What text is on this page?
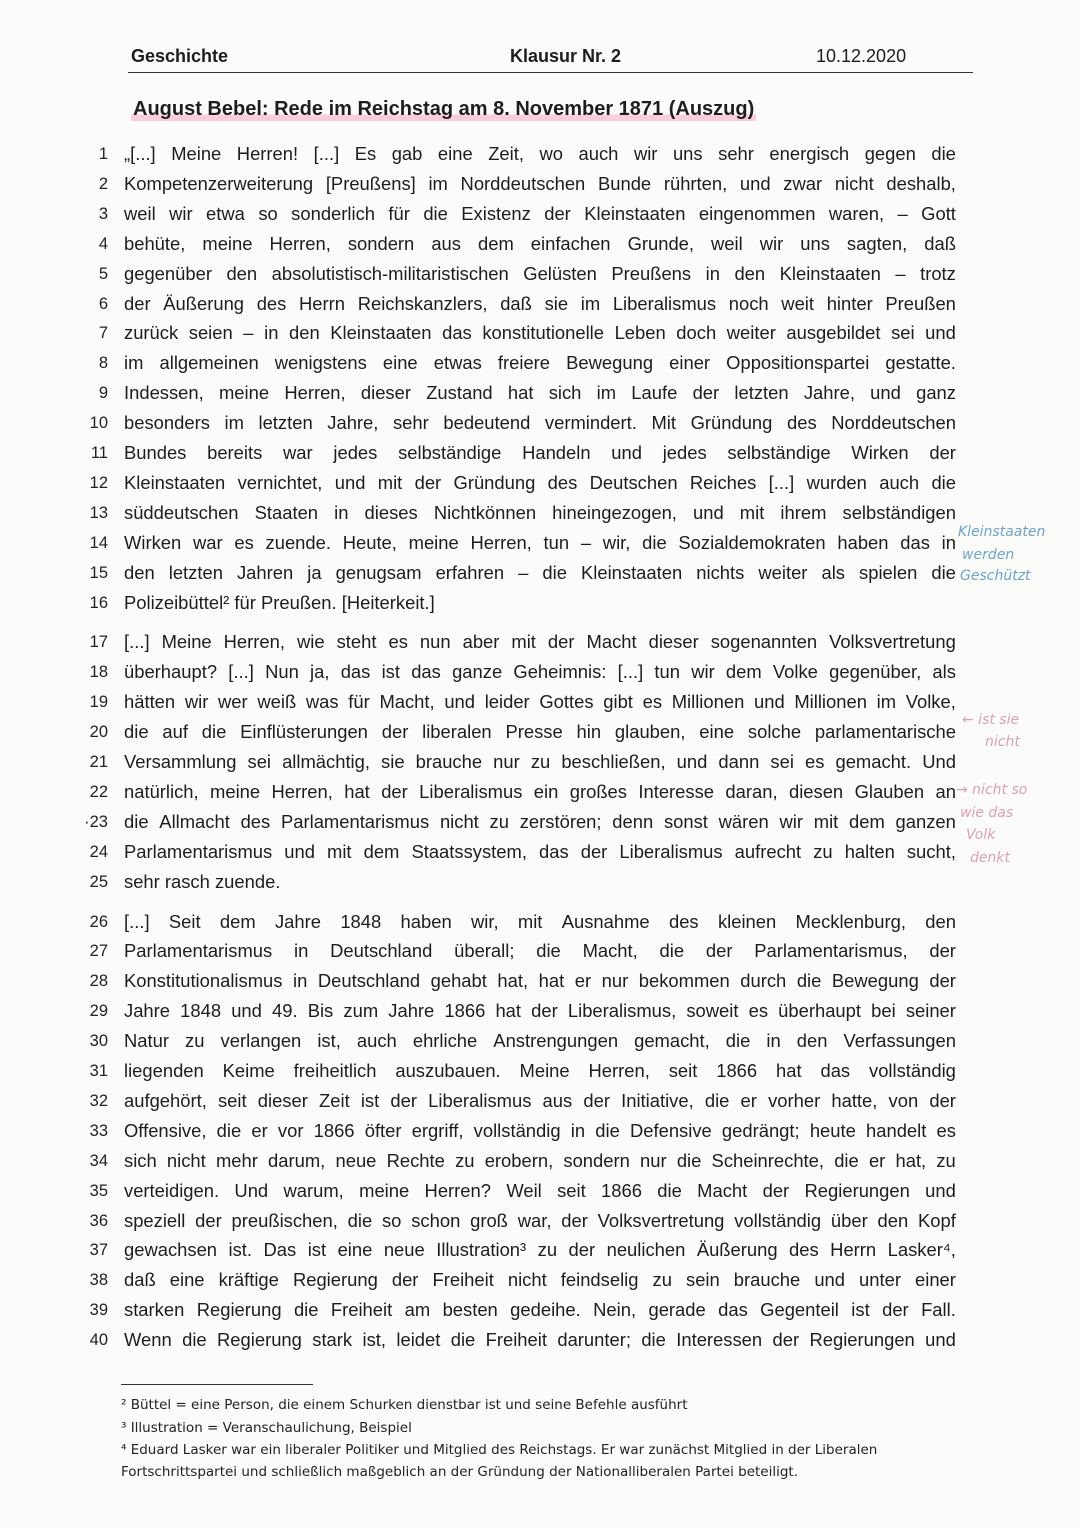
Geschichte	Klausur Nr. 2	10.12.2020
August Bebel: Rede im Reichstag am 8. November 1871 (Auszug)
1 „[...] Meine Herren! [...] Es gab eine Zeit, wo auch wir uns sehr energisch gegen die
2 Kompetenzerweiterung [Preußens] im Norddeutschen Bunde rührten, und zwar nicht deshalb,
3 weil wir etwa so sonderlich für die Existenz der Kleinstaaten eingenommen waren, – Gott
4 behüte, meine Herren, sondern aus dem einfachen Grunde, weil wir uns sagten, daß
5 gegenüber den absolutistisch-militaristischen Gelüsten Preußens in den Kleinstaaten – trotz
6 der Äußerung des Herrn Reichskanzlers, daß sie im Liberalismus noch weit hinter Preußen
7 zurück seien – in den Kleinstaaten das konstitutionelle Leben doch weiter ausgebildet sei und
8 im allgemeinen wenigstens eine etwas freiere Bewegung einer Oppositionspartei gestatte.
9 Indessen, meine Herren, dieser Zustand hat sich im Laufe der letzten Jahre, und ganz
10 besonders im letzten Jahre, sehr bedeutend vermindert. Mit Gründung des Norddeutschen
11 Bundes bereits war jedes selbständige Handeln und jedes selbständige Wirken der
12 Kleinstaaten vernichtet, und mit der Gründung des Deutschen Reiches [...] wurden auch die
13 süddeutschen Staaten in dieses Nichtkönnen hineingezogen, und mit ihrem selbständigen
14 Wirken war es zuende. Heute, meine Herren, tun – wir, die Sozialdemokraten haben das in
15 den letzten Jahren ja genugsam erfahren – die Kleinstaaten nichts weiter als spielen die
16 Polizeibüttel² für Preußen. [Heiterkeit.]
17 [...] Meine Herren, wie steht es nun aber mit der Macht dieser sogenannten Volksvertretung
18 überhaupt? [...] Nun ja, das ist das ganze Geheimnis: [...] tun wir dem Volke gegenüber, als
19 hätten wir wer weiß was für Macht, und leider Gottes gibt es Millionen und Millionen im Volke,
20 die auf die Einflüsterungen der liberalen Presse hin glauben, eine solche parlamentarische
21 Versammlung sei allmächtig, sie brauche nur zu beschließen, und dann sei es gemacht. Und
22 natürlich, meine Herren, hat der Liberalismus ein großes Interesse daran, diesen Glauben an
·23 die Allmacht des Parlamentarismus nicht zu zerstören; denn sonst wären wir mit dem ganzen
24 Parlamentarismus und mit dem Staatssystem, das der Liberalismus aufrecht zu halten sucht,
25 sehr rasch zuende.
26 [...] Seit dem Jahre 1848 haben wir, mit Ausnahme des kleinen Mecklenburg, den
27 Parlamentarismus in Deutschland überall; die Macht, die der Parlamentarismus, der
28 Konstitutionalismus in Deutschland gehabt hat, hat er nur bekommen durch die Bewegung der
29 Jahre 1848 und 49. Bis zum Jahre 1866 hat der Liberalismus, soweit es überhaupt bei seiner
30 Natur zu verlangen ist, auch ehrliche Anstrengungen gemacht, die in den Verfassungen
31 liegenden Keime freiheitlich auszubauen. Meine Herren, seit 1866 hat das vollständig
32 aufgehört, seit dieser Zeit ist der Liberalismus aus der Initiative, die er vorher hatte, von der
33 Offensive, die er vor 1866 öfter ergriff, vollständig in die Defensive gedrängt; heute handelt es
34 sich nicht mehr darum, neue Rechte zu erobern, sondern nur die Scheinrechte, die er hat, zu
35 verteidigen. Und warum, meine Herren? Weil seit 1866 die Macht der Regierungen und
36 speziell der preußischen, die so schon groß war, der Volksvertretung vollständig über den Kopf
37 gewachsen ist. Das ist eine neue Illustration³ zu der neulichen Äußerung des Herrn Lasker⁴,
38 daß eine kräftige Regierung der Freiheit nicht feindselig zu sein brauche und unter einer
39 starken Regierung die Freiheit am besten gedeihe. Nein, gerade das Gegenteil ist der Fall.
40 Wenn die Regierung stark ist, leidet die Freiheit darunter; die Interessen der Regierungen und
Kleinstaaten
werden
Geschützt
← ist sie
nicht
→ nicht so
wie das
Volk
denkt
² Büttel = eine Person, die einem Schurken dienstbar ist und seine Befehle ausführt
³ Illustration = Veranschaulichung, Beispiel
⁴ Eduard Lasker war ein liberaler Politiker und Mitglied des Reichstags. Er war zunächst Mitglied in der Liberalen
Fortschrittspartei und schließlich maßgeblich an der Gründung der Nationalliberalen Partei beteiligt.
